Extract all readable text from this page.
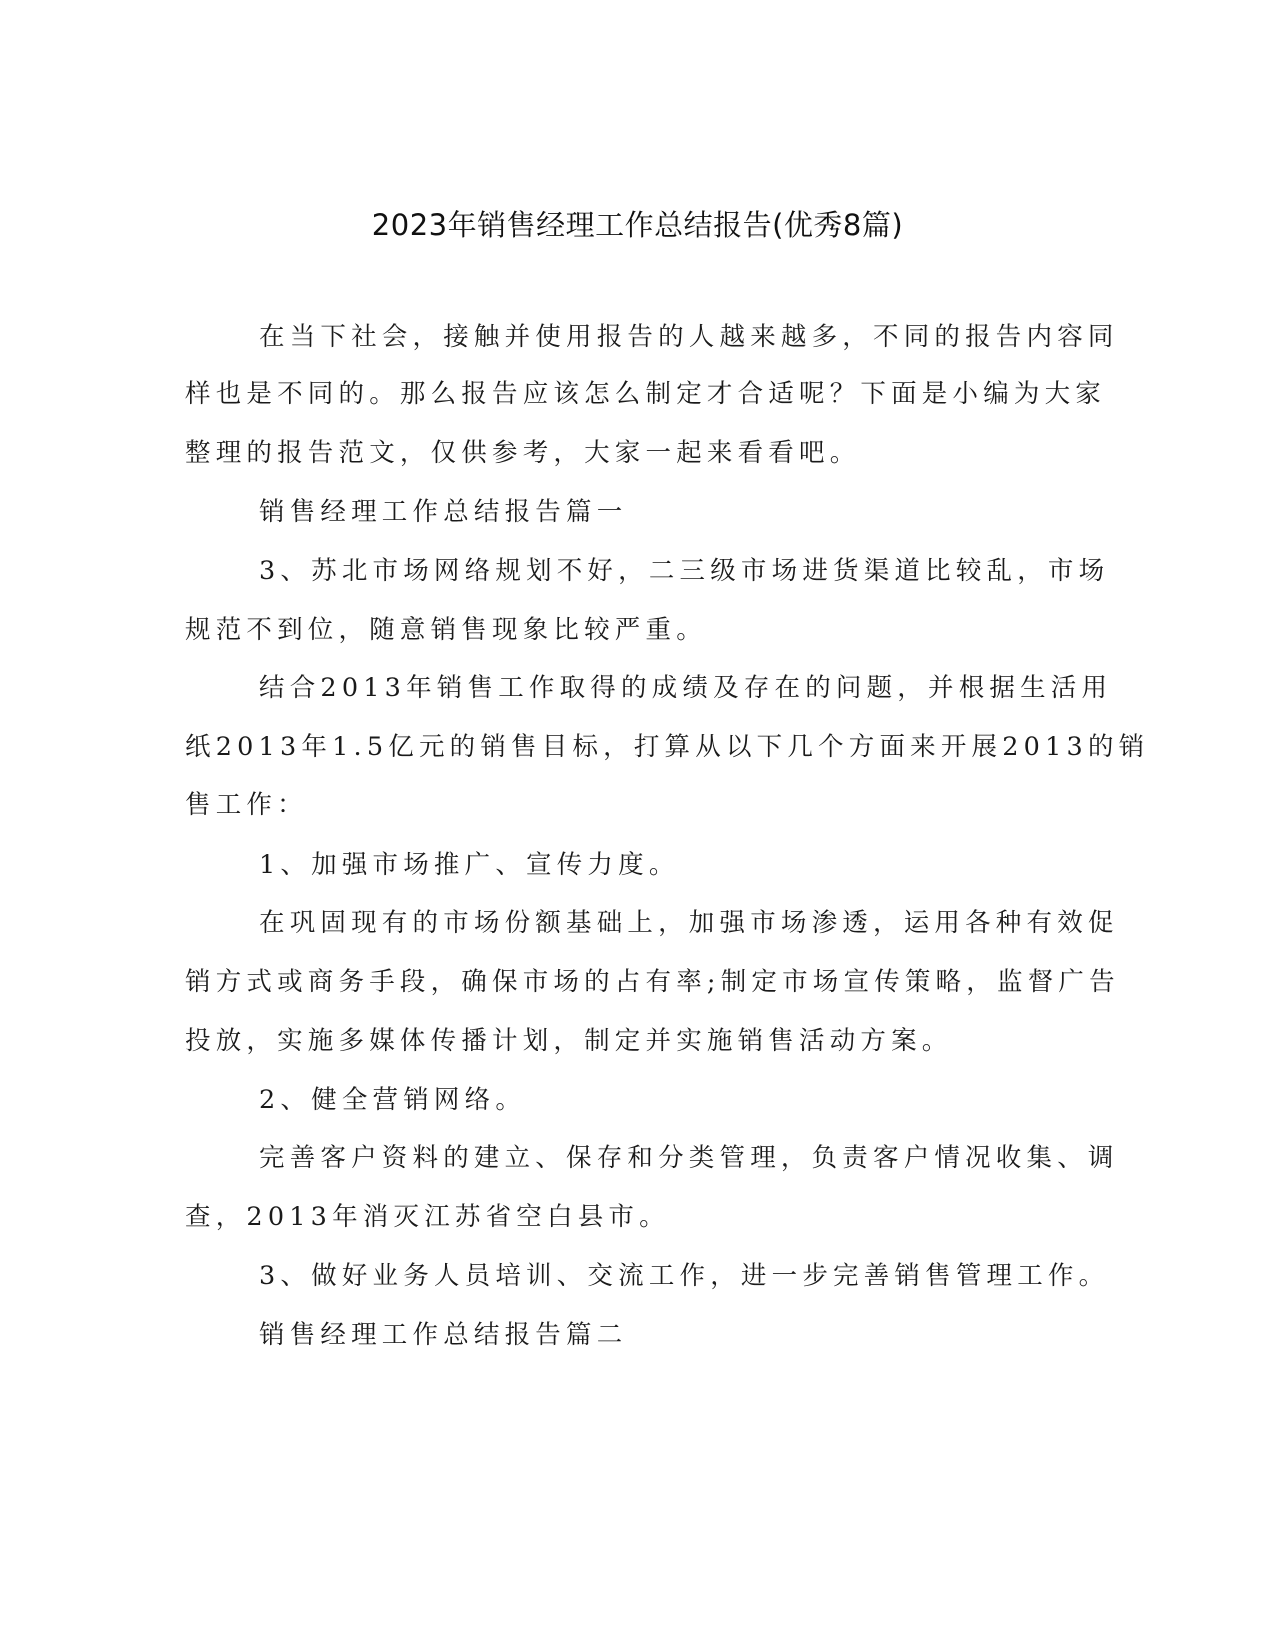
2023年销售经理工作总结报告(优秀8篇)
在当下社会，接触并使用报告的人越来越多，不同的报告内容同
样也是不同的。那么报告应该怎么制定才合适呢？下面是小编为大家
整理的报告范文，仅供参考，大家一起来看看吧。
销售经理工作总结报告篇一
3、苏北市场网络规划不好，二三级市场进货渠道比较乱，市场
规范不到位，随意销售现象比较严重。
结合2013年销售工作取得的成绩及存在的问题，并根据生活用
纸2013年1.5亿元的销售目标，打算从以下几个方面来开展2013的销
售工作：
1、加强市场推广、宣传力度。
在巩固现有的市场份额基础上，加强市场渗透，运用各种有效促
销方式或商务手段，确保市场的占有率;制定市场宣传策略，监督广告
投放，实施多媒体传播计划，制定并实施销售活动方案。
2、健全营销网络。
完善客户资料的建立、保存和分类管理，负责客户情况收集、调
查，2013年消灭江苏省空白县市。
3、做好业务人员培训、交流工作，进一步完善销售管理工作。
销售经理工作总结报告篇二
